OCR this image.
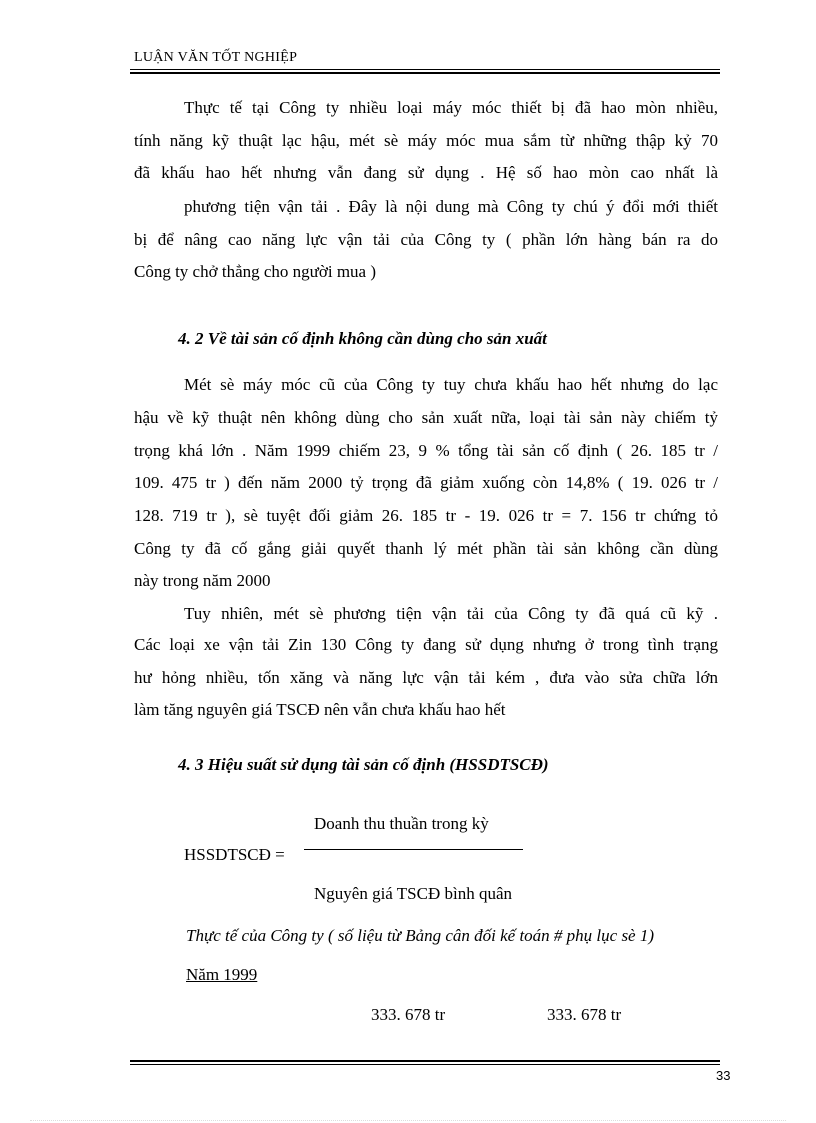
LUẬN VĂN TỐT NGHIỆP
Thực tế tại Công ty nhiều loại máy móc thiết bị đã hao mòn nhiều,
tính năng kỹ thuật lạc hậu, mét sè máy móc mua sắm từ những thập kỷ 70
đã khấu hao hết nhưng vẫn đang sử dụng . Hệ số hao mòn cao nhất là
phương tiện vận tải . Đây là nội dung mà Công ty chú ý đổi mới thiết
bị để nâng cao năng lực vận tải của Công ty ( phần lớn hàng bán ra do
Công ty chở thẳng cho người mua )
4. 2 Về tài sản cố định không cần dùng cho sản xuất
Mét sè máy móc cũ của Công ty tuy chưa khấu hao hết nhưng do lạc
hậu về kỹ thuật nên không dùng cho sản xuất nữa, loại tài sản này chiếm tỷ
trọng khá lớn . Năm 1999 chiếm 23, 9 % tổng tài sản cố định ( 26. 185 tr /
109. 475 tr ) đến năm 2000 tỷ trọng đã giảm xuống còn 14,8% ( 19. 026 tr /
128. 719 tr ), sè tuyệt đối giảm 26. 185 tr - 19. 026 tr = 7. 156 tr chứng tỏ
Công ty đã cố gắng giải quyết thanh lý mét phần tài sản không cần dùng
này trong năm 2000
Tuy nhiên, mét sè phương tiện vận tải của Công ty đã quá cũ kỹ .
Các loại xe vận tải Zin 130 Công ty đang sử dụng nhưng ở trong tình trạng
hư hỏng nhiều, tốn xăng và năng lực vận tải kém , đưa vào sửa chữa lớn
làm tăng nguyên giá TSCĐ nên vẫn chưa khấu hao hết
4. 3 Hiệu suất sử dụng tài sản cố định (HSSDTSCĐ)
Doanh thu thuần trong kỳ
HSSDTSCĐ =
Nguyên giá TSCĐ bình quân
Thực tế của Công ty ( số liệu từ Bảng cân đối kế toán # phụ lục sè 1)
Năm 1999
333. 678 tr	333. 678 tr
33
